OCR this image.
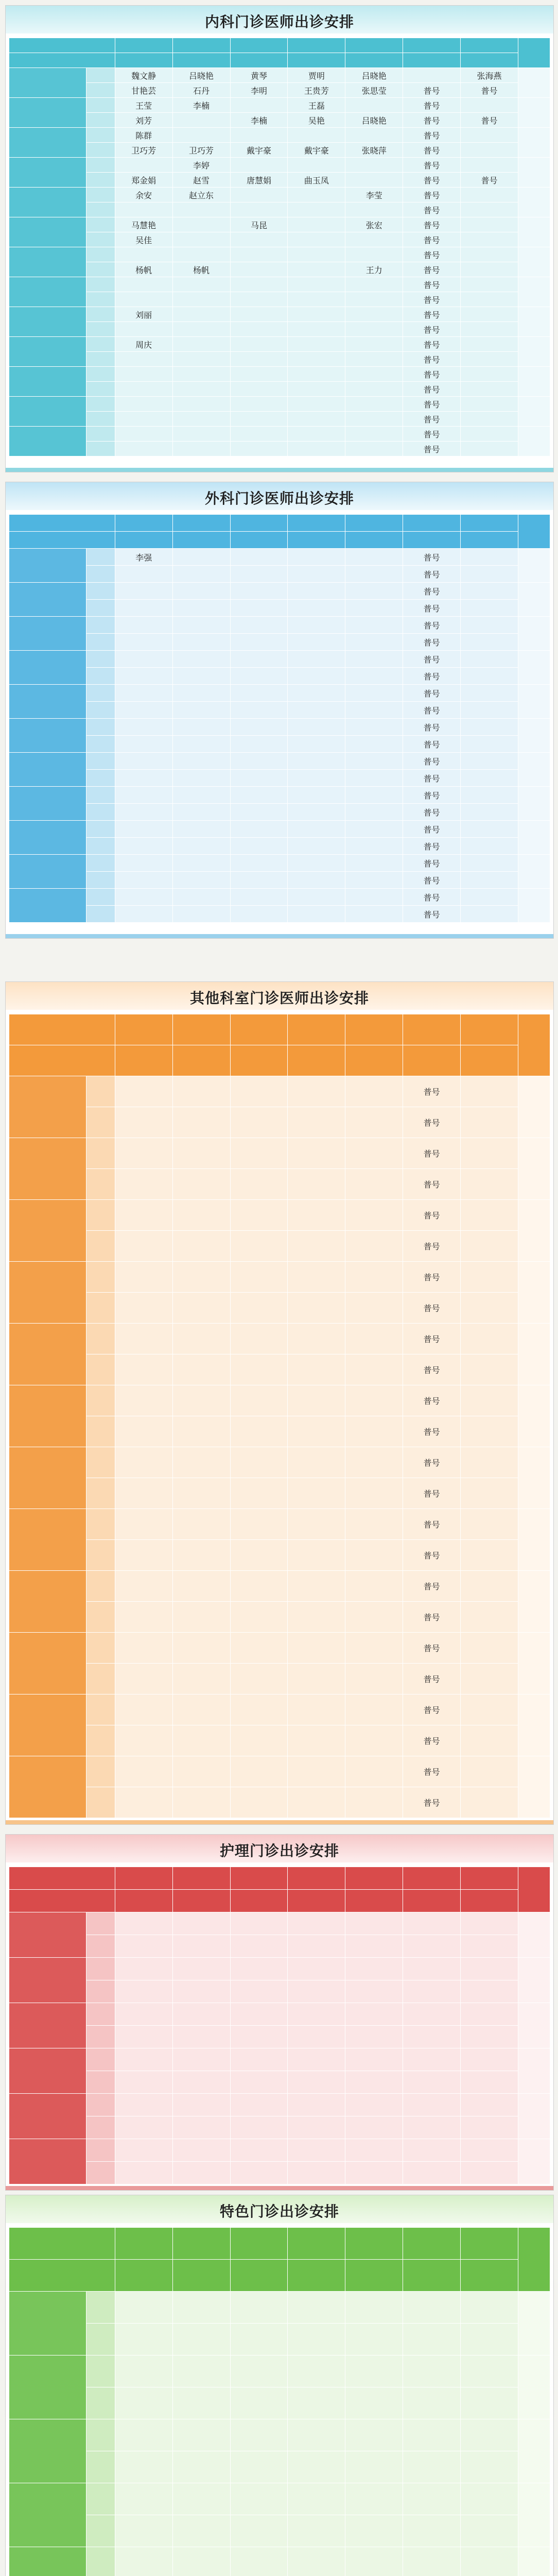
内科门诊医师出诊安排

		魏文静	吕晓艳	黄琴	贾明	吕晓艳		张海燕	
		甘艳芸	石丹	李明	王贵芳	张思莹	普号	普号	
		王莹	李楠		王磊		普号		
		刘芳		李楠	吴艳	吕晓艳	普号	普号	
		陈群					普号		
		卫巧芳	卫巧芳	戴宇豪	戴宇豪	张晓萍	普号		
			李婷				普号		
		郑金娟	赵雪	唐慧娟	曲玉凤		普号	普号	
		余安	赵立东			李莹	普号		
							普号		
		马慧艳		马昆		张宏	普号		
		吴佳					普号		
							普号		
		杨帆	杨帆			王力	普号		
							普号		
							普号		
		刘丽					普号		
							普号		
		周庆					普号		
							普号		
							普号		
							普号		
							普号		
							普号		
							普号		
							普号		
外科门诊医师出诊安排

		李强					普号		
							普号		
							普号		
							普号		
							普号		
							普号		
							普号		
							普号		
							普号		
							普号		
							普号		
							普号		
							普号		
							普号		
							普号		
							普号		
							普号		
							普号		
							普号		
							普号		
							普号		
							普号		
其他科室门诊医师出诊安排

							普号		
							普号		
							普号		
							普号		
							普号		
							普号		
							普号		
							普号		
							普号		
							普号		
							普号		
							普号		
							普号		
							普号		
							普号		
							普号		
							普号		
							普号		
							普号		
							普号		
							普号		
							普号		
							普号		
							普号		
护理门诊出诊安排

特色门诊出诊安排
